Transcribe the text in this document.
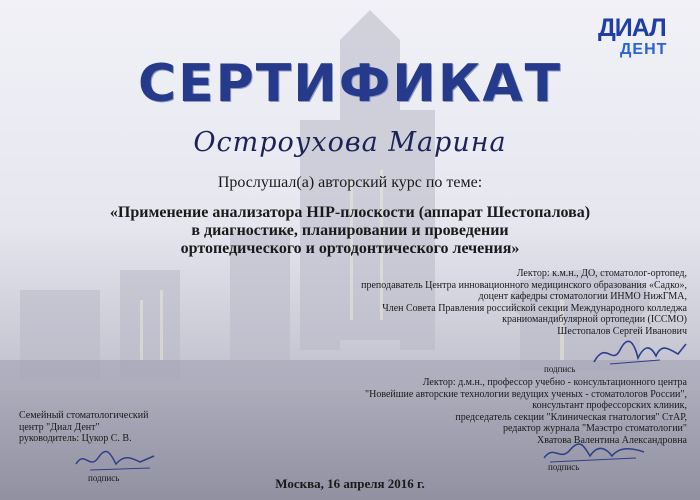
ДИАЛ
ДЕНТ
СЕРТИФИКАТ
Остроухова Марина
Прослушал(а) авторский курс по теме:
«Применение анализатора HIP-плоскости (аппарат Шестопалова)
в диагностике, планировании и проведении
ортопедического и ортодонтического лечения»
Лектор: к.м.н., ДО, стоматолог-ортопед,
преподаватель Центра инновационного медицинского образования «Садко»,
доцент кафедры стоматологии ИНМО НижГМА,
Член Совета Правления российской секции Международного колледжа
краниомандибулярной ортопедии (ICCMO)
Шестопалов Сергей Иванович
подпись
Лектор: д.м.н., профессор учебно - консультационного центра
"Новейшие авторские технологии ведущих ученых - стоматологов России",
консультант профессорских клиник,
председатель секции "Клиническая гнатология" СтАР,
редактор журнала "Маэстро стоматологии"
Хватова Валентина Александровна
подпись
Семейный стоматологический
центр "Диал Дент"
руководитель: Цукор С. В.
подпись	Москва, 16 апреля 2016 г.
